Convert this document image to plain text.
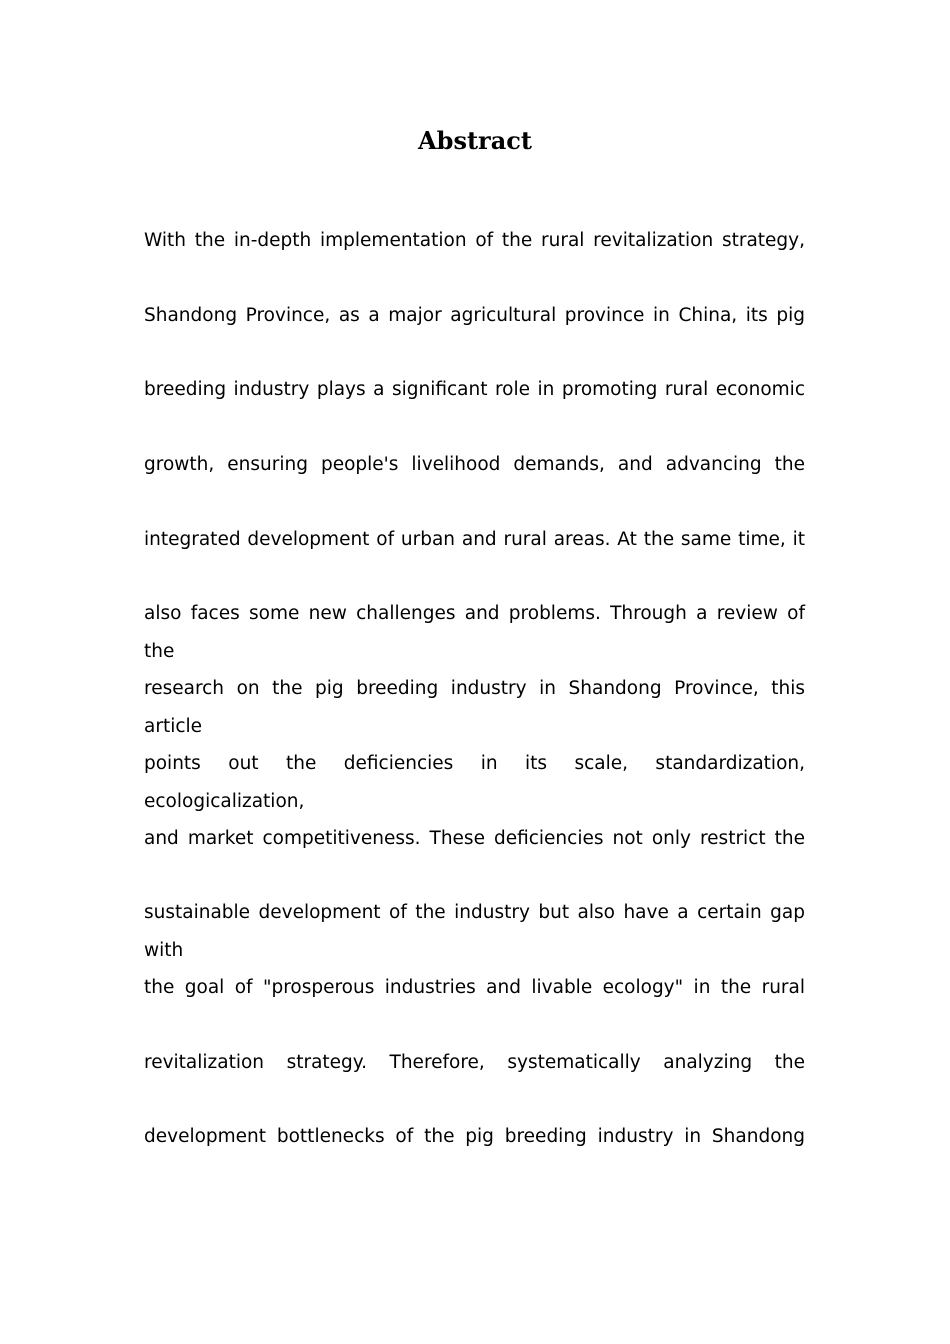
Abstract
With the in-depth implementation of the rural revitalization strategy,
Shandong Province, as a major agricultural province in China, its pig
breeding industry plays a significant role in promoting rural economic
growth, ensuring people's livelihood demands, and advancing the
integrated development of urban and rural areas. At the same time, it
also faces some new challenges and problems. Through a review of the
research on the pig breeding industry in Shandong Province, this article
points out the deficiencies in its scale, standardization, ecologicalization,
and market competitiveness. These deficiencies not only restrict the
sustainable development of the industry but also have a certain gap with
the goal of "prosperous industries and livable ecology" in the rural
revitalization strategy. Therefore, systematically analyzing the
development bottlenecks of the pig breeding industry in Shandong
